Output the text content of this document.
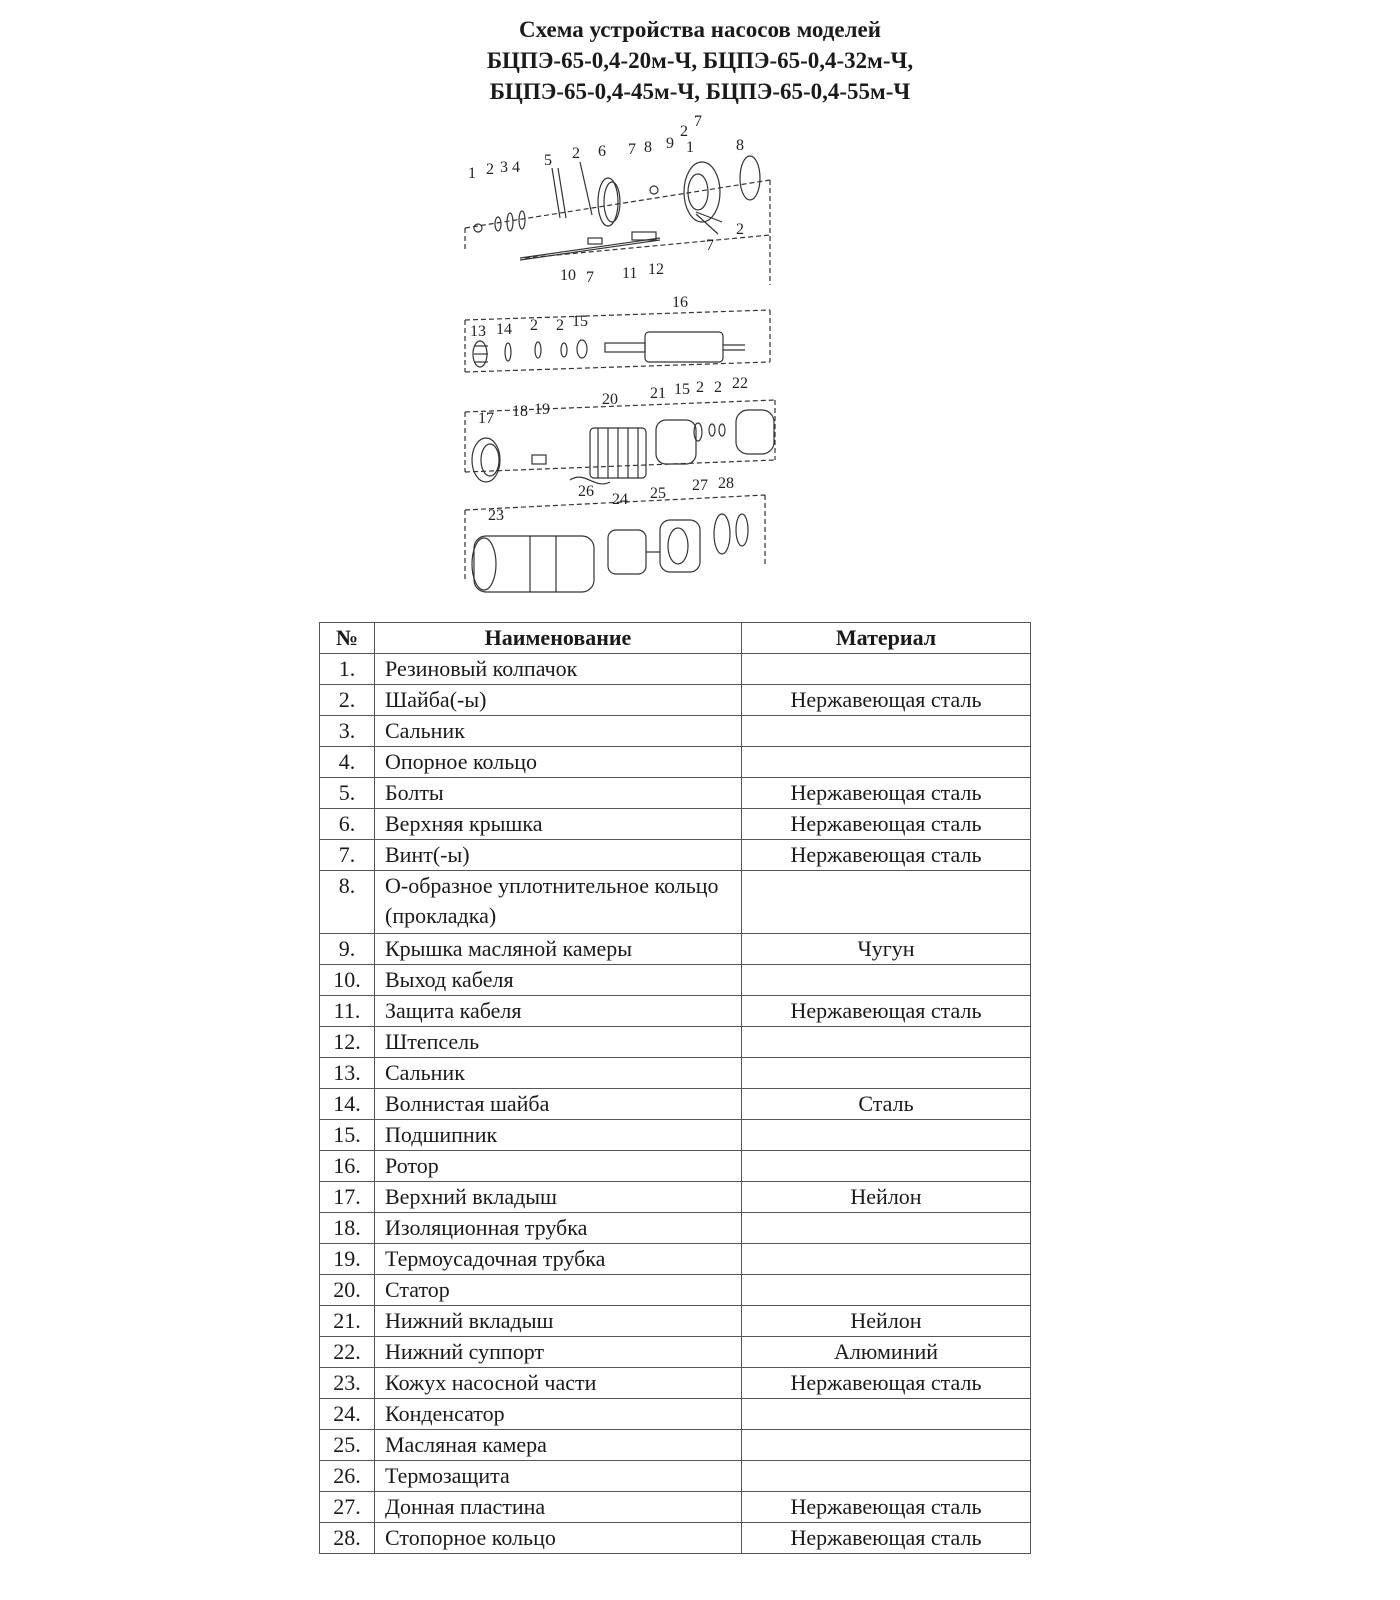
Схема устройства насосов моделей
БЦПЭ-65-0,4-20м-Ч, БЦПЭ-65-0,4-32м-Ч,
БЦПЭ-65-0,4-45м-Ч, БЦПЭ-65-0,4-55м-Ч
1 2 3 4 5 2 6 7 8 9
2
7
1	8
2
7
10 7 11 12
16
13 14 2 2 15
17 18 19
20 21 15 2 2 22
26
23
24 25 27 28
№	Наименование	Материал
1.	Резиновый колпачок	
2.	Шайба(-ы)	Нержавеющая сталь
3.	Сальник	
4.	Опорное кольцо	
5.	Болты	Нержавеющая сталь
6.	Верхняя крышка	Нержавеющая сталь
7.	Винт(-ы)	Нержавеющая сталь
8.	О-образное уплотнительное кольцо (прокладка)	
9.	Крышка масляной камеры	Чугун
10.	Выход кабеля	
11.	Защита кабеля	Нержавеющая сталь
12.	Штепсель	
13.	Сальник	
14.	Волнистая шайба	Сталь
15.	Подшипник	
16.	Ротор	
17.	Верхний вкладыш	Нейлон
18.	Изоляционная трубка	
19.	Термоусадочная трубка	
20.	Статор	
21.	Нижний вкладыш	Нейлон
22.	Нижний суппорт	Алюминий
23.	Кожух насосной части	Нержавеющая сталь
24.	Конденсатор	
25.	Масляная камера	
26.	Термозащита	
27.	Донная пластина	Нержавеющая сталь
28.	Стопорное кольцо	Нержавеющая сталь
